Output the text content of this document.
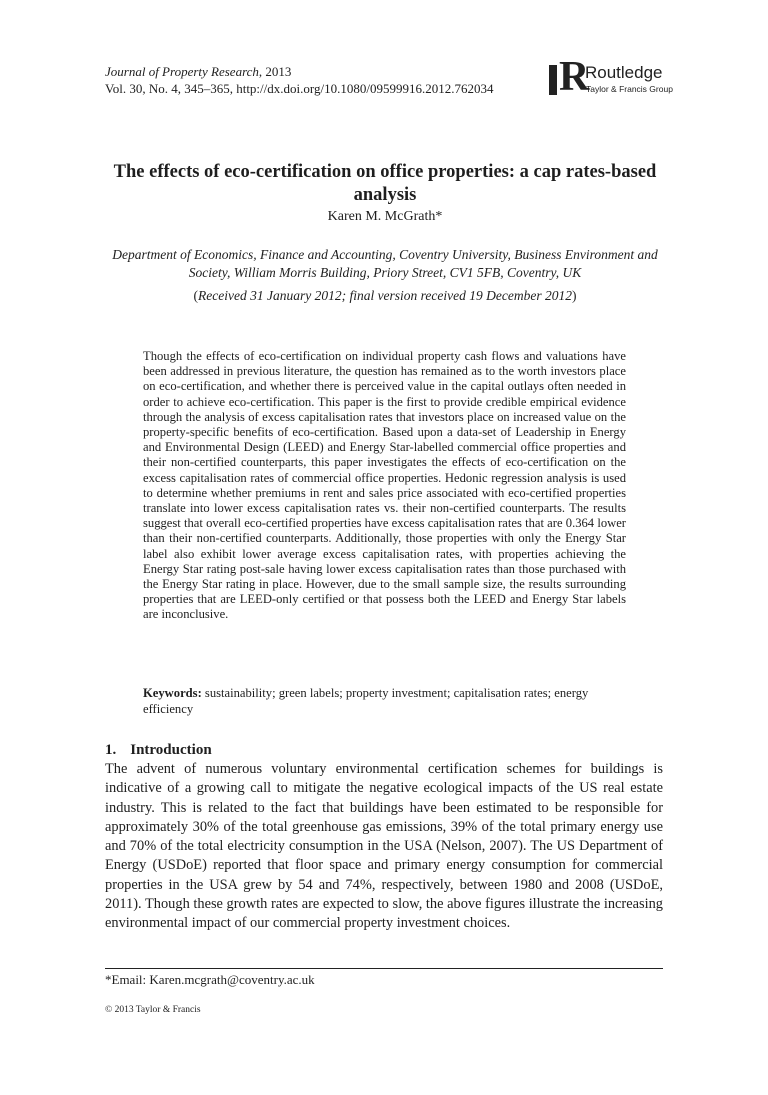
Journal of Property Research, 2013
Vol. 30, No. 4, 345–365, http://dx.doi.org/10.1080/09599916.2012.762034 R
Routledge
Taylor & Francis Group
The effects of eco-certification on office properties: a cap rates-based analysis
Karen M. McGrath*
Department of Economics, Finance and Accounting, Coventry University, Business Environment and Society, William Morris Building, Priory Street, CV1 5FB, Coventry, UK
(Received 31 January 2012; final version received 19 December 2012)
Though the effects of eco-certification on individual property cash flows and valuations have been addressed in previous literature, the question has remained as to the worth investors place on eco-certification, and whether there is perceived value in the capital outlays often needed in order to achieve eco-certification. This paper is the first to provide credible empirical evidence through the analysis of excess capitalisation rates that investors place on increased value on the property-specific benefits of eco-certification. Based upon a data-set of Leadership in Energy and Environmental Design (LEED) and Energy Star-labelled commercial office properties and their non-certified counterparts, this paper investigates the effects of eco-certification on the excess capitalisation rates of commercial office properties. Hedonic regression analysis is used to determine whether premiums in rent and sales price associated with eco-certified properties translate into lower excess capitalisation rates vs. their non-certified counterparts. The results suggest that overall eco-certified properties have excess capitalisation rates that are 0.364 lower than their non-certified counterparts. Additionally, those properties with only the Energy Star label also exhibit lower average excess capitalisation rates, with properties achieving the Energy Star rating post-sale having lower excess capitalisation rates than those purchased with the Energy Star rating in place. However, due to the small sample size, the results surrounding properties that are LEED-only certified or that possess both the LEED and Energy Star labels are inconclusive.
Keywords: sustainability; green labels; property investment; capitalisation rates; energy efficiency
1. Introduction
The advent of numerous voluntary environmental certification schemes for buildings is indicative of a growing call to mitigate the negative ecological impacts of the US real estate industry. This is related to the fact that buildings have been estimated to be responsible for approximately 30% of the total greenhouse gas emissions, 39% of the total primary energy use and 70% of the total electricity consumption in the USA (Nelson, 2007). The US Department of Energy (USDoE) reported that floor space and primary energy consumption for commercial properties in the USA grew by 54 and 74%, respectively, between 1980 and 2008 (USDoE, 2011). Though these growth rates are expected to slow, the above figures illustrate the increasing environmental impact of our commercial property investment choices.
*Email: Karen.mcgrath@coventry.ac.uk
© 2013 Taylor & Francis
